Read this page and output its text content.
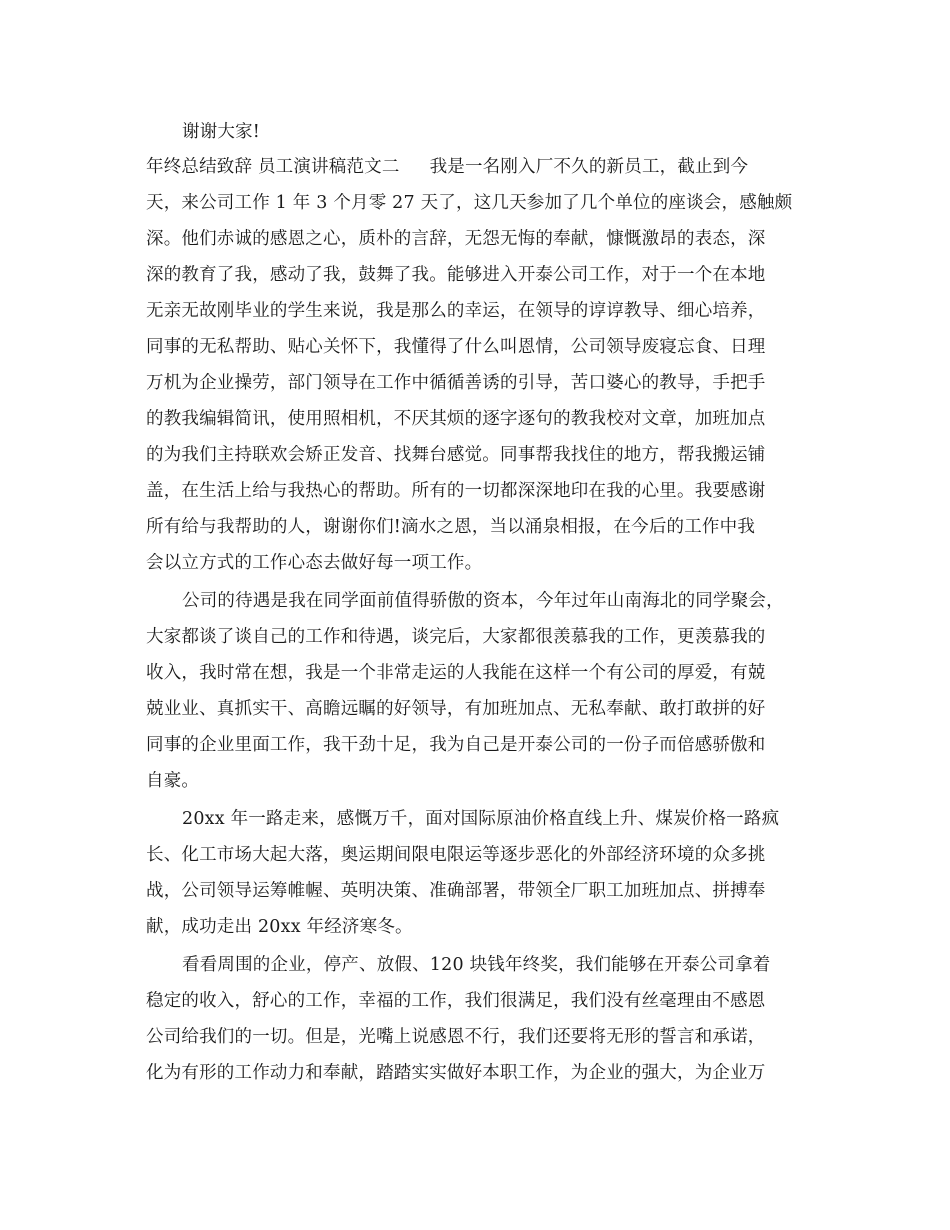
谢谢大家!
年终总结致辞 员工演讲稿范文二 我是一名刚入厂不久的新员工，截止到今
天，来公司工作 1 年 3 个月零 27 天了，这几天参加了几个单位的座谈会，感触颇
深。他们赤诚的感恩之心，质朴的言辞，无怨无悔的奉献，慷慨激昂的表态，深
深的教育了我，感动了我，鼓舞了我。能够进入开泰公司工作，对于一个在本地
无亲无故刚毕业的学生来说，我是那么的幸运，在领导的谆谆教导、细心培养，
同事的无私帮助、贴心关怀下，我懂得了什么叫恩情，公司领导废寝忘食、日理
万机为企业操劳，部门领导在工作中循循善诱的引导，苦口婆心的教导，手把手
的教我编辑简讯，使用照相机，不厌其烦的逐字逐句的教我校对文章，加班加点
的为我们主持联欢会矫正发音、找舞台感觉。同事帮我找住的地方，帮我搬运铺
盖，在生活上给与我热心的帮助。所有的一切都深深地印在我的心里。我要感谢
所有给与我帮助的人，谢谢你们!滴水之恩，当以涌泉相报，在今后的工作中我
会以立方式的工作心态去做好每一项工作。
公司的待遇是我在同学面前值得骄傲的资本，今年过年山南海北的同学聚会，
大家都谈了谈自己的工作和待遇，谈完后，大家都很羡慕我的工作，更羡慕我的
收入，我时常在想，我是一个非常走运的人我能在这样一个有公司的厚爱，有兢
兢业业、真抓实干、高瞻远瞩的好领导，有加班加点、无私奉献、敢打敢拼的好
同事的企业里面工作，我干劲十足，我为自己是开泰公司的一份子而倍感骄傲和
自豪。
20xx 年一路走来，感慨万千，面对国际原油价格直线上升、煤炭价格一路疯
长、化工市场大起大落，奥运期间限电限运等逐步恶化的外部经济环境的众多挑
战，公司领导运筹帷幄、英明决策、准确部署，带领全厂职工加班加点、拼搏奉
献，成功走出 20xx 年经济寒冬。
看看周围的企业，停产、放假、120 块钱年终奖，我们能够在开泰公司拿着
稳定的收入，舒心的工作，幸福的工作，我们很满足，我们没有丝毫理由不感恩
公司给我们的一切。但是，光嘴上说感恩不行，我们还要将无形的誓言和承诺，
化为有形的工作动力和奉献，踏踏实实做好本职工作，为企业的强大，为企业万
